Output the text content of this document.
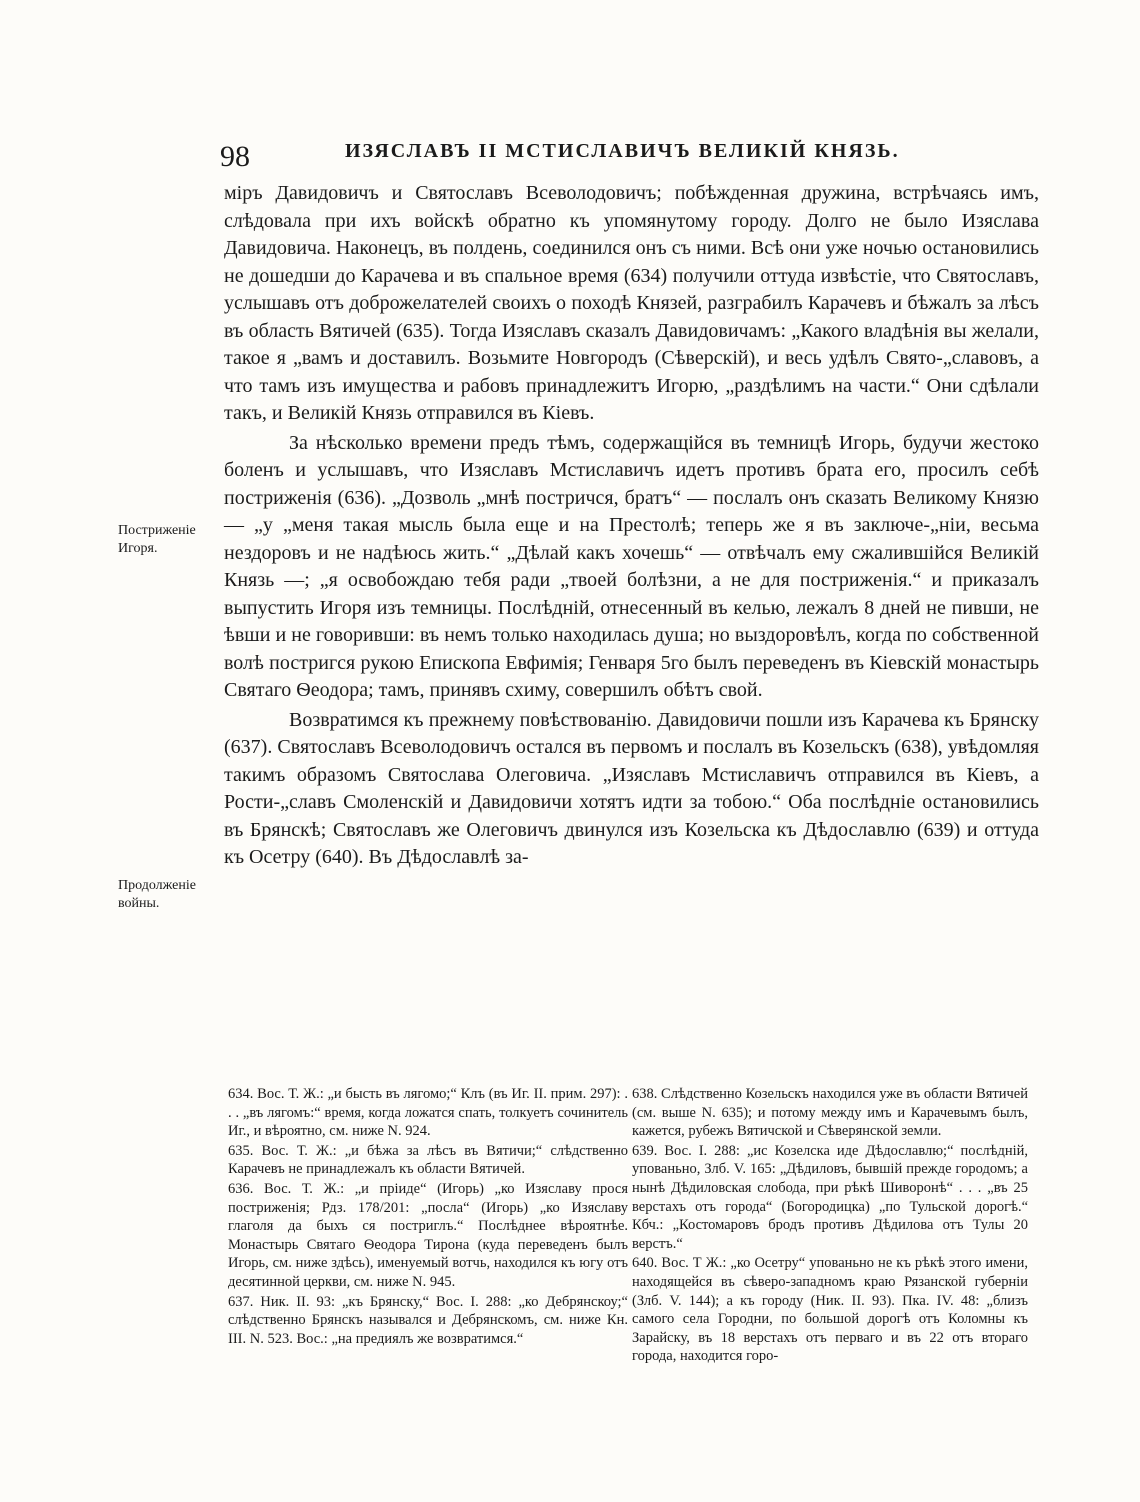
98	ИЗЯСЛАВЪ II МСТИСЛАВИЧЪ ВЕЛИКІЙ КНЯЗЬ.
Постриженіе Игоря.
Продолженіе войны.

міръ Давидовичъ и Святославъ Всеволодовичъ; побѣжденная дружина, встрѣчаясь имъ, слѣдовала при ихъ войскѣ обратно къ упомянутому городу. Долго не было Изяслава Давидовича. Наконецъ, въ полдень, соединился онъ съ ними. Всѣ они уже ночью остановились не дошедши до Карачева и въ спальное время (634) получили оттуда извѣстіе, что Святославъ, услышавъ отъ доброжелателей своихъ о походѣ Князей, разграбилъ Карачевъ и бѣжалъ за лѣсъ въ область Вятичей (635). Тогда Изяславъ сказалъ Давидовичамъ: „Какого владѣнія вы желали, такое я „вамъ и доставилъ. Возьмите Новгородъ (Сѣверскій), и весь удѣлъ Свято-„славовъ, а что тамъ изъ имущества и рабовъ принадлежитъ Игорю, „раздѣлимъ на части.“ Они сдѣлали такъ, и Великій Князь отправился въ Кіевъ.

За нѣсколько времени предъ тѣмъ, содержащійся въ темницѣ Игорь, будучи жестоко боленъ и услышавъ, что Изяславъ Мстиславичъ идетъ противъ брата его, просилъ себѣ постриженія (636). „Дозволь „мнѣ постричся, братъ“ — послалъ онъ сказать Великому Князю — „у „меня такая мысль была еще и на Престолѣ; теперь же я въ заключе-„ніи, весьма нездоровъ и не надѣюсь жить.“ „Дѣлай какъ хочешь“ — отвѣчалъ ему сжалившійся Великій Князь —; „я освобождаю тебя ради „твоей болѣзни, а не для постриженія.“ и приказалъ выпустить Игоря изъ темницы. Послѣдній, отнесенный въ келью, лежалъ 8 дней не пивши, не ѣвши и не говоривши: въ немъ только находилась душа; но выздоровѣлъ, когда по собственной волѣ постригся рукою Епископа Евфимія; Генваря 5го былъ переведенъ въ Кіевскій монастырь Святаго Ѳеодора; тамъ, принявъ схиму, совершилъ обѣтъ свой.

Возвратимся къ прежнему повѣствованію. Давидовичи пошли изъ Карачева къ Брянску (637). Святославъ Всеволодовичъ остался въ первомъ и послалъ въ Козельскъ (638), увѣдомляя такимъ образомъ Святослава Олеговича. „Изяславъ Мстиславичъ отправился въ Кіевъ, а Рости-„славъ Смоленскій и Давидовичи хотятъ идти за тобою.“ Оба послѣдніе остановились въ Брянскѣ; Святославъ же Олеговичъ двинулся изъ Козельска къ Дѣдославлю (639) и оттуда къ Осетру (640). Въ Дѣдославлѣ за-

634. Вос. Т. Ж.: „и бысть въ лягомо;“ Клъ (въ Иг. II. прим. 297): . . . „въ лягомъ:“ время, когда ложатся спать, толкуетъ сочинитель Иг., и вѣроятно, см. ниже N. 924.

635. Вос. Т. Ж.: „и бѣжа за лѣсъ въ Вятичи;“ слѣдственно Карачевъ не принадлежалъ къ области Вятичей.

636. Вос. Т. Ж.: „и пріиде“ (Игорь) „ко Изяславу прося постриженія; Рдз. 178/201: „посла“ (Игорь) „ко Изяславу глаголя да быхъ ся постриглъ.“ Послѣднее вѣроятнѣе. Монастырь Святаго Ѳеодора Тирона (куда переведенъ былъ Игорь, см. ниже здѣсь), именуемый вотчь, находился къ югу отъ десятинной церкви, см. ниже N. 945.

637. Ник. II. 93: „къ Брянску,“ Вос. I. 288: „ко Дебрянскоу;“ слѣдственно Брянскъ назывался и Дебрянскомъ, см. ниже Кн. III. N. 523. Вос.: „на предиялъ же возвратимся.“

638. Слѣдственно Козельскъ находился уже въ области Вятичей (см. выше N. 635); и потому между имъ и Карачевымъ былъ, кажется, рубежъ Вятичской и Сѣверянской земли.

639. Вос. I. 288: „ис Козелска иде Дѣдославлю;“ послѣдній, упованьно, Злб. V. 165: „Дѣдиловъ, бывшій прежде городомъ; а нынѣ Дѣдиловская слобода, при рѣкѣ Шиворонѣ“ . . . „въ 25 верстахъ отъ города“ (Богородицка) „по Тульской дорогѣ.“ Кбч.: „Костомаровъ бродъ противъ Дѣдилова отъ Тулы 20 верстъ.“

640. Вос. Т Ж.: „ко Осетру“ упованьно не къ рѣкѣ этого имени, находящейся въ сѣверо-западномъ краю Рязанской губерніи (Злб. V. 144); а къ городу (Ник. II. 93). Пка. IV. 48: „близъ самого села Городни, по большой дорогѣ отъ Коломны къ Зарайску, въ 18 верстахъ отъ перваго и въ 22 отъ вторaго города, находится горо-
